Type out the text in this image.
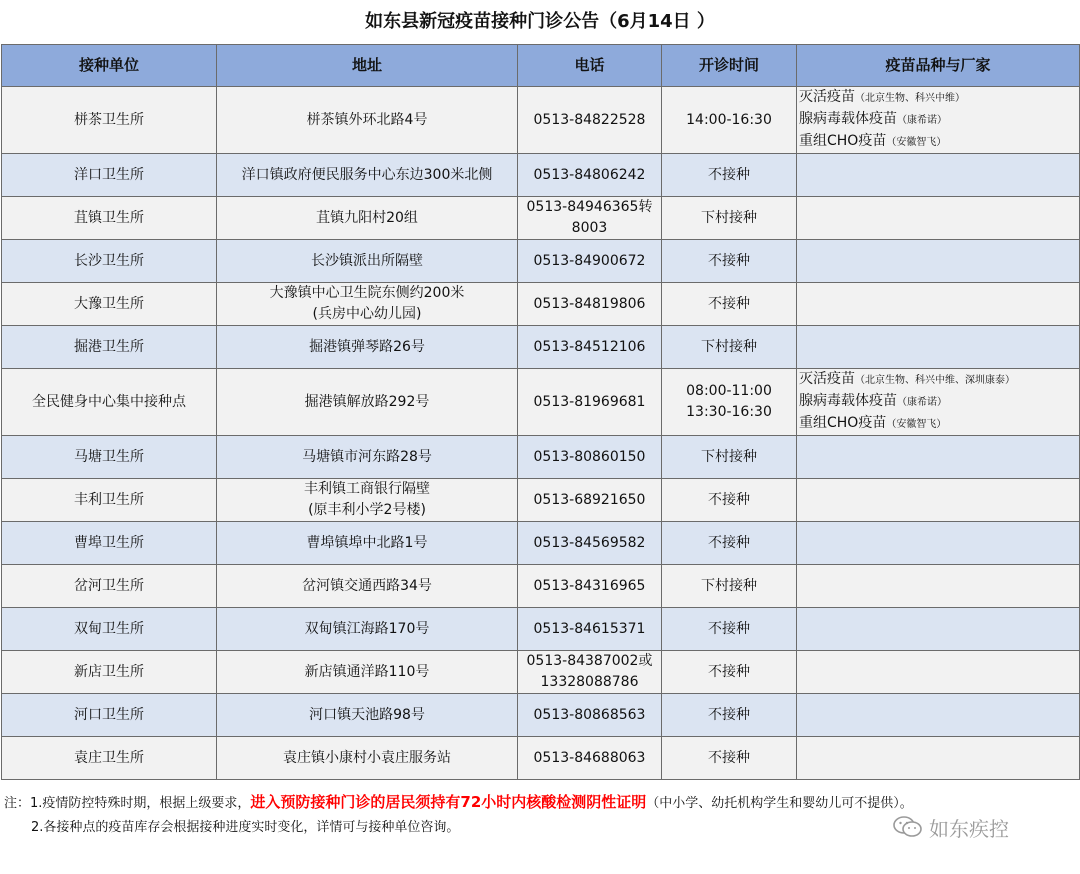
如东县新冠疫苗接种门诊公告（6月14日 ）
接种单位	地址	电话	开诊时间	疫苗品种与厂家
栟茶卫生所	栟茶镇外环北路4号	0513-84822528	14:00-16:30	灭活疫苗（北京生物、科兴中维）
腺病毒载体疫苗（康希诺）
重组CHO疫苗（安徽智飞）

洋口卫生所	洋口镇政府便民服务中心东边300米北侧	0513-84806242	不接种	

苴镇卫生所	苴镇九阳村20组	0513-84946365转
8003	下村接种	

长沙卫生所	长沙镇派出所隔壁	0513-84900672	不接种	

大豫卫生所	大豫镇中心卫生院东侧约200米
(兵房中心幼儿园)	0513-84819806	不接种	

掘港卫生所	掘港镇弹琴路26号	0513-84512106	下村接种	

全民健身中心集中接种点	掘港镇解放路292号	0513-81969681	08:00-11:00
13:30-16:30	灭活疫苗（北京生物、科兴中维、深圳康泰）
腺病毒载体疫苗（康希诺）
重组CHO疫苗（安徽智飞）

马塘卫生所	马塘镇市河东路28号	0513-80860150	下村接种	

丰利卫生所	丰利镇工商银行隔壁
(原丰利小学2号楼)	0513-68921650	不接种	

曹埠卫生所	曹埠镇埠中北路1号	0513-84569582	不接种	

岔河卫生所	岔河镇交通西路34号	0513-84316965	下村接种	

双甸卫生所	双甸镇江海路170号	0513-84615371	不接种	

新店卫生所	新店镇通洋路110号	0513-84387002或
13328088786	不接种	

河口卫生所	河口镇天池路98号	0513-80868563	不接种	

袁庄卫生所	袁庄镇小康村小袁庄服务站	0513-84688063	不接种	

注：1.疫情防控特殊时期，根据上级要求，进入预防接种门诊的居民须持有72小时内核酸检测阴性证明（中小学、幼托机构学生和婴幼儿可不提供）。
2.各接种点的疫苗库存会根据接种进度实时变化，详情可与接种单位咨询。	如东疾控
